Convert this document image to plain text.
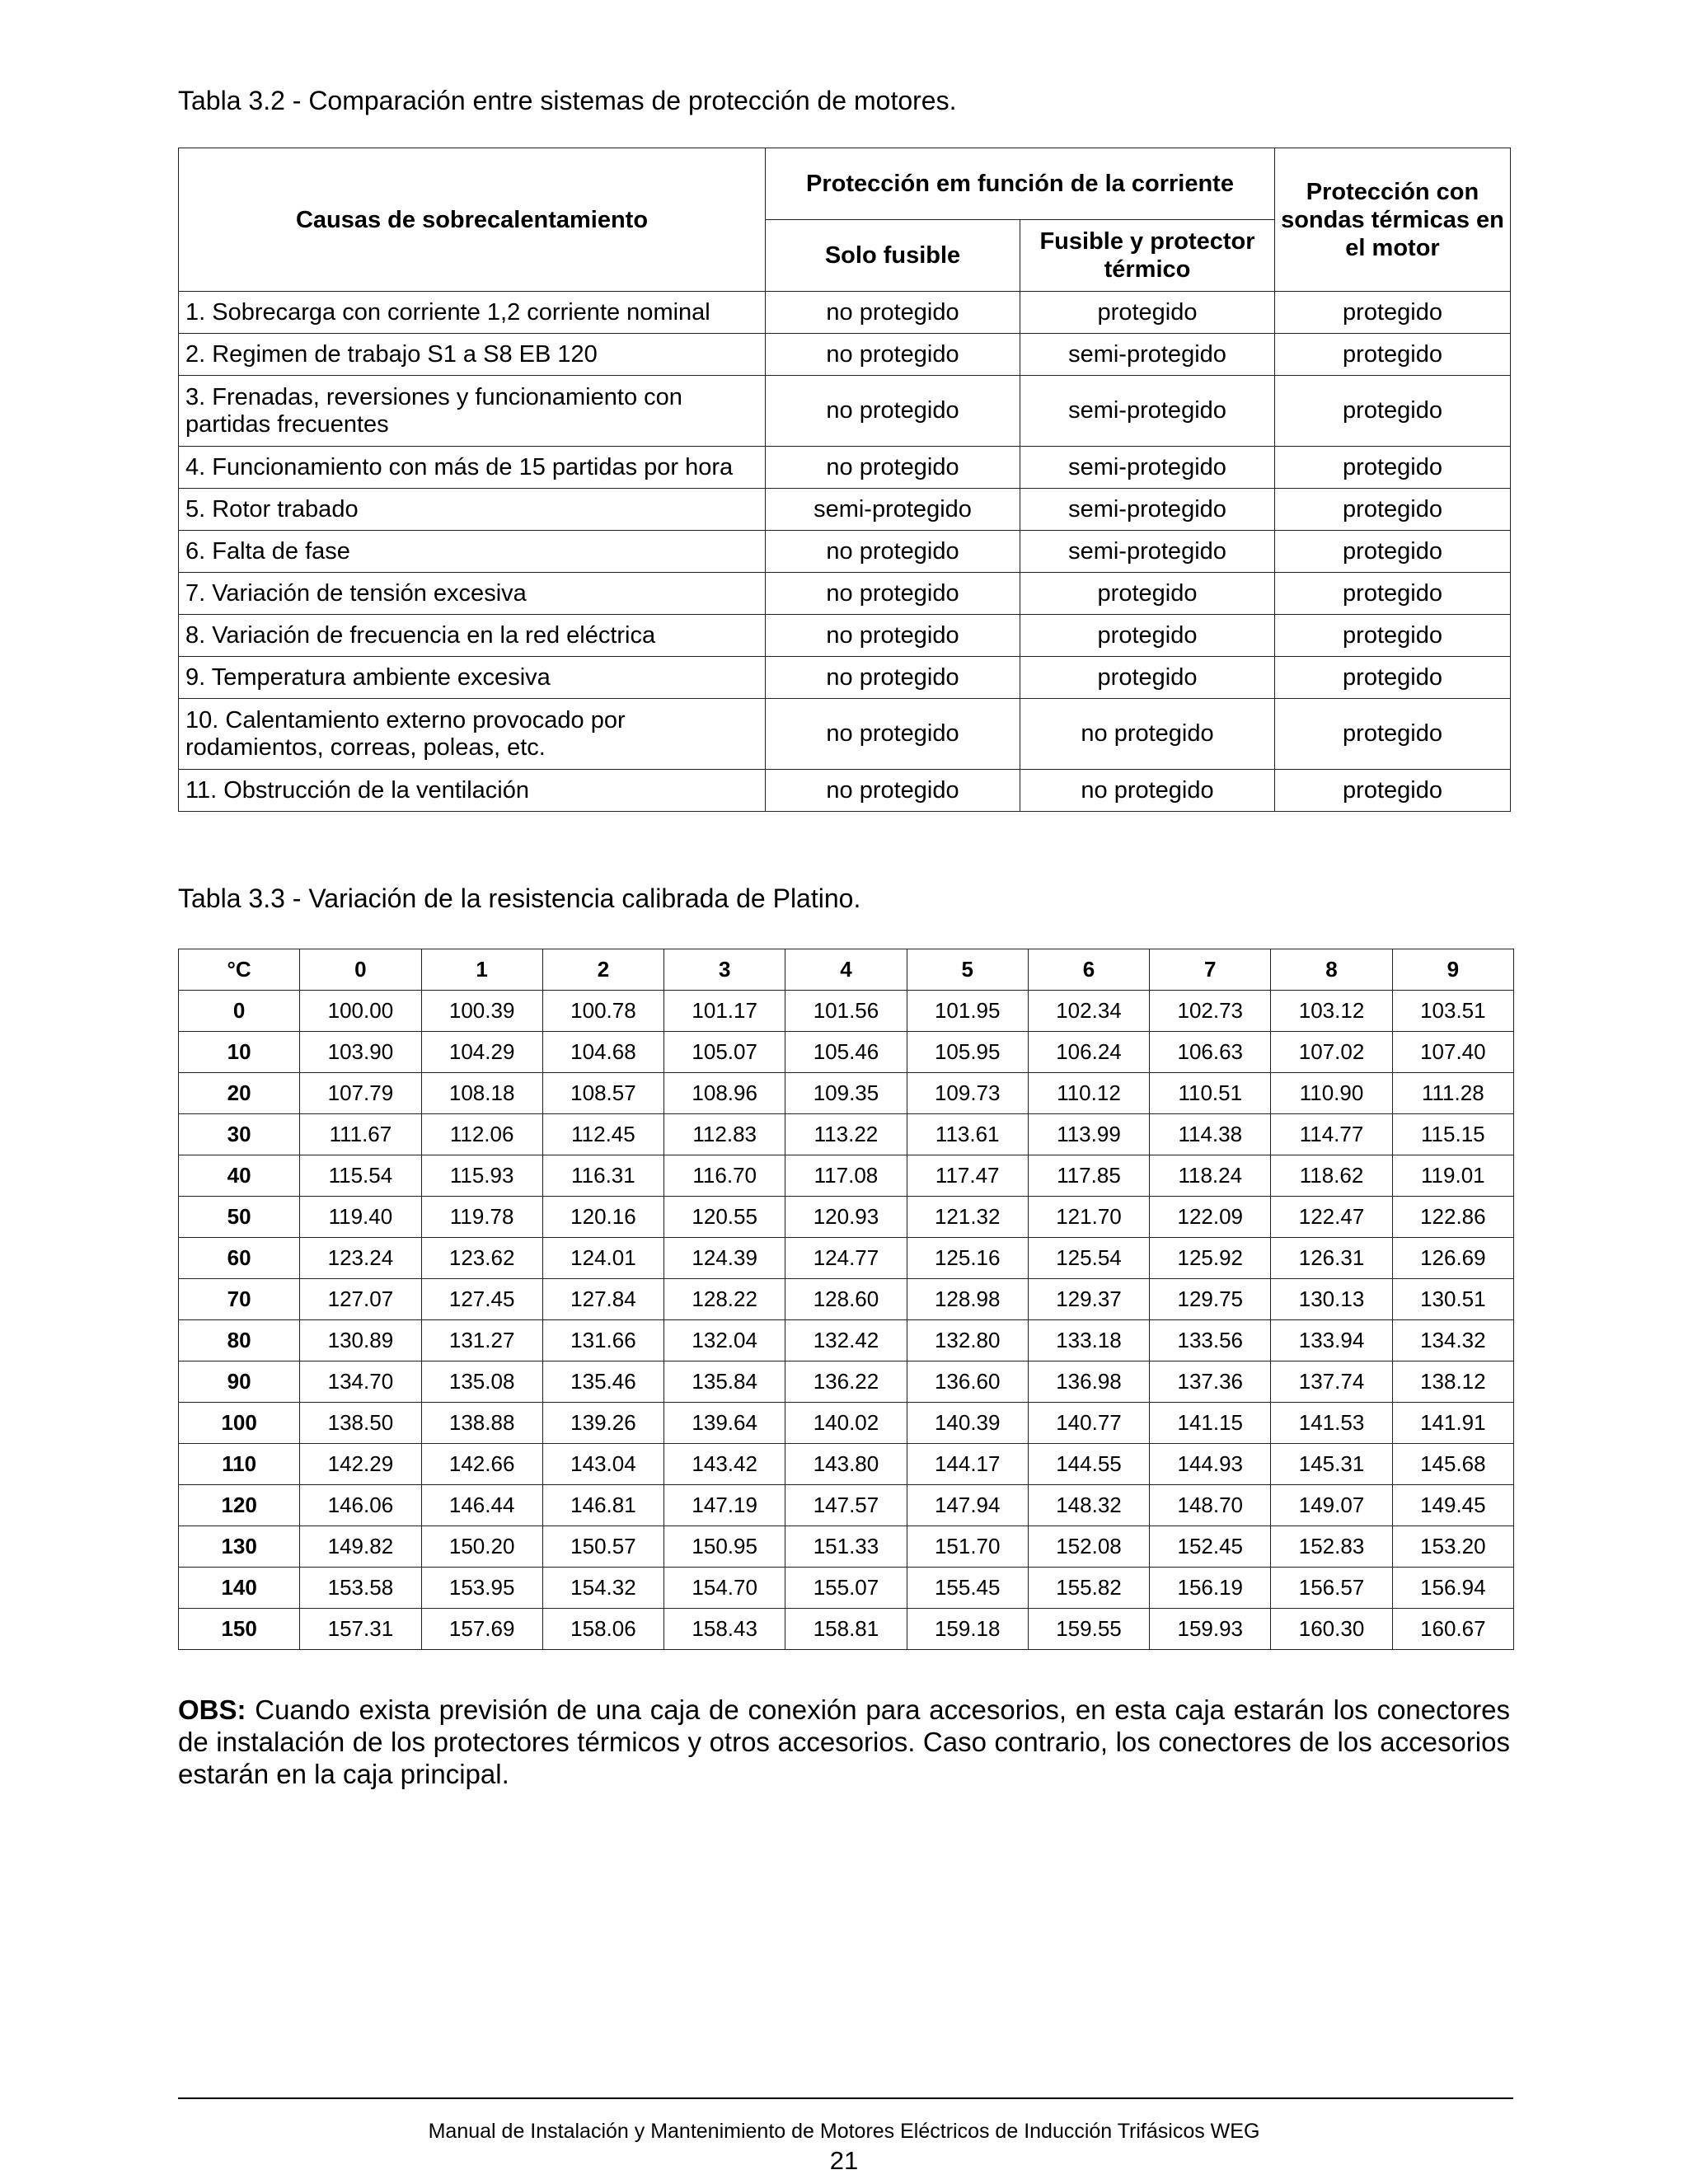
Tabla 3.2 - Comparación entre sistemas de protección de motores.
Causas de sobrecalentamiento	Protección em función de la corriente		Protección con sondas térmicas en el motor
	Solo fusible	Fusible y protector térmico	
1. Sobrecarga con corriente 1,2 corriente nominal	no protegido	protegido	protegido
2. Regimen de trabajo S1 a S8 EB 120	no protegido	semi-protegido	protegido
3. Frenadas, reversiones y funcionamiento con partidas frecuentes	no protegido	semi-protegido	protegido
4. Funcionamiento con más de 15 partidas por hora	no protegido	semi-protegido	protegido
5. Rotor trabado	semi-protegido	semi-protegido	protegido
6. Falta de fase	no protegido	semi-protegido	protegido
7. Variación de tensión excesiva	no protegido	protegido	protegido
8. Variación de frecuencia en la red eléctrica	no protegido	protegido	protegido
9. Temperatura ambiente excesiva	no protegido	protegido	protegido
10. Calentamiento externo provocado por rodamientos, correas, poleas, etc.	no protegido	no protegido	protegido
11. Obstrucción de la ventilación	no protegido	no protegido	protegido
Tabla 3.3 - Variación de la resistencia calibrada de Platino.
°C	0	1	2	3	4	5	6	7	8	9
0	100.00	100.39	100.78	101.17	101.56	101.95	102.34	102.73	103.12	103.51
10	103.90	104.29	104.68	105.07	105.46	105.95	106.24	106.63	107.02	107.40
20	107.79	108.18	108.57	108.96	109.35	109.73	110.12	110.51	110.90	111.28
30	111.67	112.06	112.45	112.83	113.22	113.61	113.99	114.38	114.77	115.15
40	115.54	115.93	116.31	116.70	117.08	117.47	117.85	118.24	118.62	119.01
50	119.40	119.78	120.16	120.55	120.93	121.32	121.70	122.09	122.47	122.86
60	123.24	123.62	124.01	124.39	124.77	125.16	125.54	125.92	126.31	126.69
70	127.07	127.45	127.84	128.22	128.60	128.98	129.37	129.75	130.13	130.51
80	130.89	131.27	131.66	132.04	132.42	132.80	133.18	133.56	133.94	134.32
90	134.70	135.08	135.46	135.84	136.22	136.60	136.98	137.36	137.74	138.12
100	138.50	138.88	139.26	139.64	140.02	140.39	140.77	141.15	141.53	141.91
110	142.29	142.66	143.04	143.42	143.80	144.17	144.55	144.93	145.31	145.68
120	146.06	146.44	146.81	147.19	147.57	147.94	148.32	148.70	149.07	149.45
130	149.82	150.20	150.57	150.95	151.33	151.70	152.08	152.45	152.83	153.20
140	153.58	153.95	154.32	154.70	155.07	155.45	155.82	156.19	156.57	156.94
150	157.31	157.69	158.06	158.43	158.81	159.18	159.55	159.93	160.30	160.67
OBS: Cuando exista previsión de una caja de conexión para accesorios, en esta caja estarán los conectores de instalación de los protectores térmicos y otros accesorios. Caso contrario, los conectores de los accesorios estarán en la caja principal.
Manual de Instalación y Mantenimiento de Motores Eléctricos de Inducción Trifásicos WEG
21
